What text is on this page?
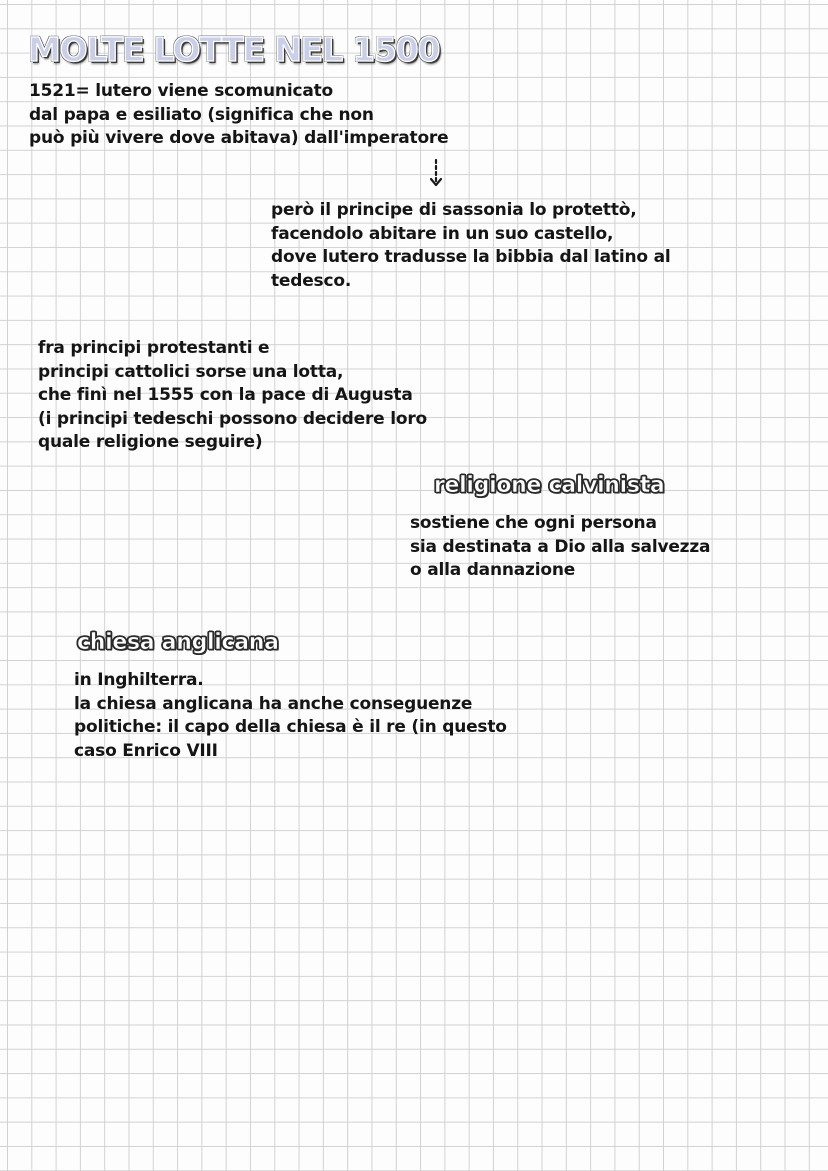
MOLTE LOTTE NEL 1500

1521= lutero viene scomunicato
dal papa e esiliato (significa che non
può più vivere dove abitava) dall'imperatore

però il principe di sassonia lo protettò,
facendolo abitare in un suo castello,
dove lutero tradusse la bibbia dal latino al
tedesco.

fra principi protestanti e
principi cattolici sorse una lotta,
che finì nel 1555 con la pace di Augusta
(i principi tedeschi possono decidere loro
quale religione seguire)

religione calvinista

sostiene che ogni persona
sia destinata a Dio alla salvezza
o alla dannazione

chiesa anglicana

in Inghilterra.
la chiesa anglicana ha anche conseguenze
politiche: il capo della chiesa è il re (in questo
caso Enrico VIII
